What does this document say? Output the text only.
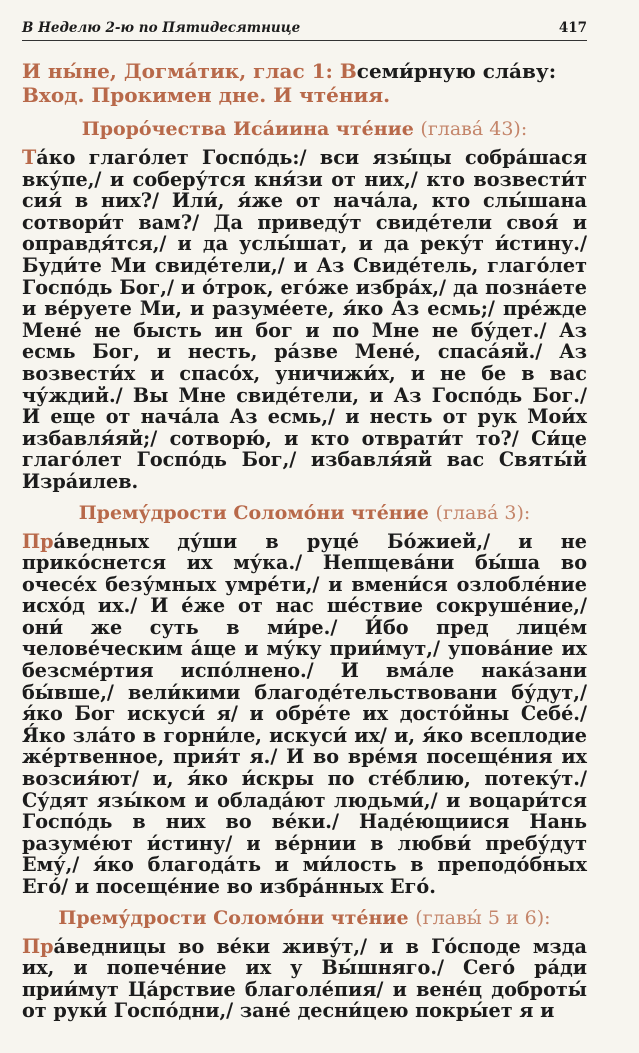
В Неделю 2-ю по Пятидесятнице	417
И ны́не, Догма́тик, глас 1: Всеми́рную сла́ву:
Вход. Прокимен дне. И чте́ния.
Проро́чества Иса́иина чте́ние (глава́ 43):
Та́ко глаго́лет Госпо́дь:/ вси язы́цы собра́шася вку́пе,/ и соберу́тся кня́зи от них,/ кто возвести́т сия́ в них?/ Или́, я́же от нача́ла, кто слы́шана сотвори́т вам?/ Да приведу́т свиде́тели своя́ и оправдя́тся,/ и да услы́шат, и да реку́т и́стину./ Буди́те Ми свиде́тели,/ и Аз Свиде́тель, глаго́лет Госпо́дь Бог,/ и о́трок, его́же избра́х,/ да позна́ете и ве́руете Ми, и разуме́ете, я́ко Аз есмь;/ пре́жде Мене́ не бысть ин бог и по Мне не бу́дет./ Аз есмь Бог, и несть, ра́зве Мене́, спаса́яй./ Аз возвести́х и спасо́х, уничижи́х, и не бе в вас чу́ждий./ Вы Мне свиде́тели, и Аз Госпо́дь Бог./ И еще от нача́ла Аз есмь,/ и несть от рук Мои́х избавля́яй;/ сотворю́, и кто отврати́т то?/ Си́це глаго́лет Госпо́дь Бог,/ избавля́яй вас Святы́й Изра́илев.
Прему́дрости Соломо́ни чте́ние (глава́ 3):
Пра́ведных ду́ши в руце́ Бо́жией,/ и не прико́снется их му́ка./ Непщева́ни бы́ша во очесе́х безу́мных умре́ти,/ и вмени́ся озлобле́ние исхо́д их./ И е́же от нас ше́ствие сокруше́ние,/ они́ же суть в ми́ре./ И́бо пред лице́м челове́ческим а́ще и му́ку прии́мут,/ упова́ние их безсме́ртия испо́лнено./ И вма́ле нака́зани бы́вше,/ вели́кими благоде́тельствовани бу́дут,/ я́ко Бог искуси́ я/ и обре́те их досто́йны Себе́./ Я́ко зла́то в горни́ле, искуси́ их/ и, я́ко всеплодие же́ртвенное, прия́т я./ И во вре́мя посеще́ния их возсия́ют/ и, я́ко и́скры по сте́блию, потеку́т./ Су́дят язы́ком и облада́ют людьми́,/ и воцари́тся Госпо́дь в них во ве́ки./ Наде́ющиися Нань разуме́ют и́стину/ и ве́рнии в любви́ пребу́дут Ему́,/ я́ко благода́ть и ми́лость в преподо́бных Его́/ и посеще́ние во избра́нных Его́.
Прему́дрости Соломо́ни чте́ние (главы́ 5 и 6):
Пра́ведницы во ве́ки живу́т,/ и в Го́споде мзда их, и попече́ние их у Вы́шняго./ Сего́ ра́ди прии́мут Ца́рствие благоле́пия/ и вене́ц доброты́ от руки́ Госпо́дни,/ зане́ десни́цею покры́ет я и
